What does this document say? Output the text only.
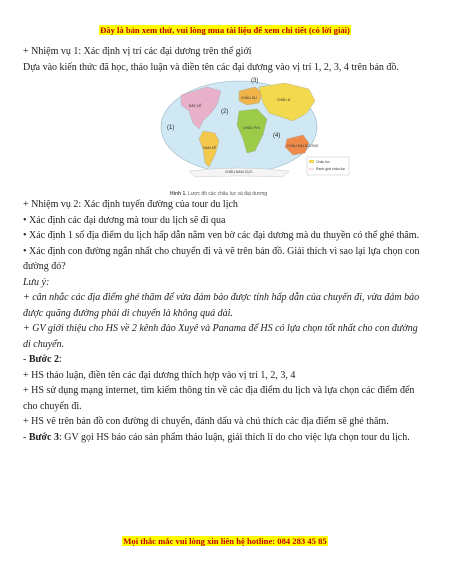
Đây là bản xem thử, vui lòng mua tài liệu để xem chi tiết (có lời giải)

+ Nhiệm vụ 1: Xác định vị trí các đại dương trên thế giới

Dựa vào kiến thức đã học, thảo luận và điền tên các đại dương vào vị trí 1, 2, 3, 4 trên bản đồ.

BẮC MĨ
NAM MĨ
CHÂU ÂU
CHÂU PHI
CHÂU Á
CHÂU ĐẠI DƯƠNG
CHÂU NAM CỰC
(1)
(2)
(3)
(4)
Châu lục
Ranh giới châu lục
Hình 1. Lược đồ các châu lục và đại dương

+ Nhiệm vụ 2: Xác định tuyến đường của tour du lịch

• Xác định các đại dương mà tour du lịch sẽ đi qua

• Xác định 1 số địa điểm du lịch hấp dẫn nằm ven bờ các đại dương mà du thuyền có thể ghé thăm.

• Xác định con đường ngắn nhất cho chuyến đi và vẽ trên bản đồ. Giải thích vì sao lại lựa chọn con đường đó?

Lưu ý:

+ cân nhắc các địa điểm ghé thăm để vừa đảm bảo được tính hấp dẫn của chuyến đi, vừa đảm bảo được quãng đường phải di chuyển là không quá dài.

+ GV giới thiệu cho HS về 2 kênh đào Xuyê và Panama để HS có lựa chọn tốt nhất cho con đường di chuyển.

- Bước 2:

+ HS thảo luận, điền tên các đại dương thích hợp vào vị trí 1, 2, 3, 4

+ HS sử dụng mạng internet, tìm kiếm thông tin về các địa điểm du lịch và lựa chọn các điểm đến cho chuyến đi.

+ HS vẽ trên bản đồ con đường di chuyển, đánh dấu và chú thích các địa điểm sẽ ghé thăm.

- Bước 3: GV gọi HS báo cáo sản phẩm thảo luận, giải thích lí do cho việc lựa chọn tour du lịch.

Mọi thắc mắc vui lòng xin liên hệ hotline: 084 283 45 85
